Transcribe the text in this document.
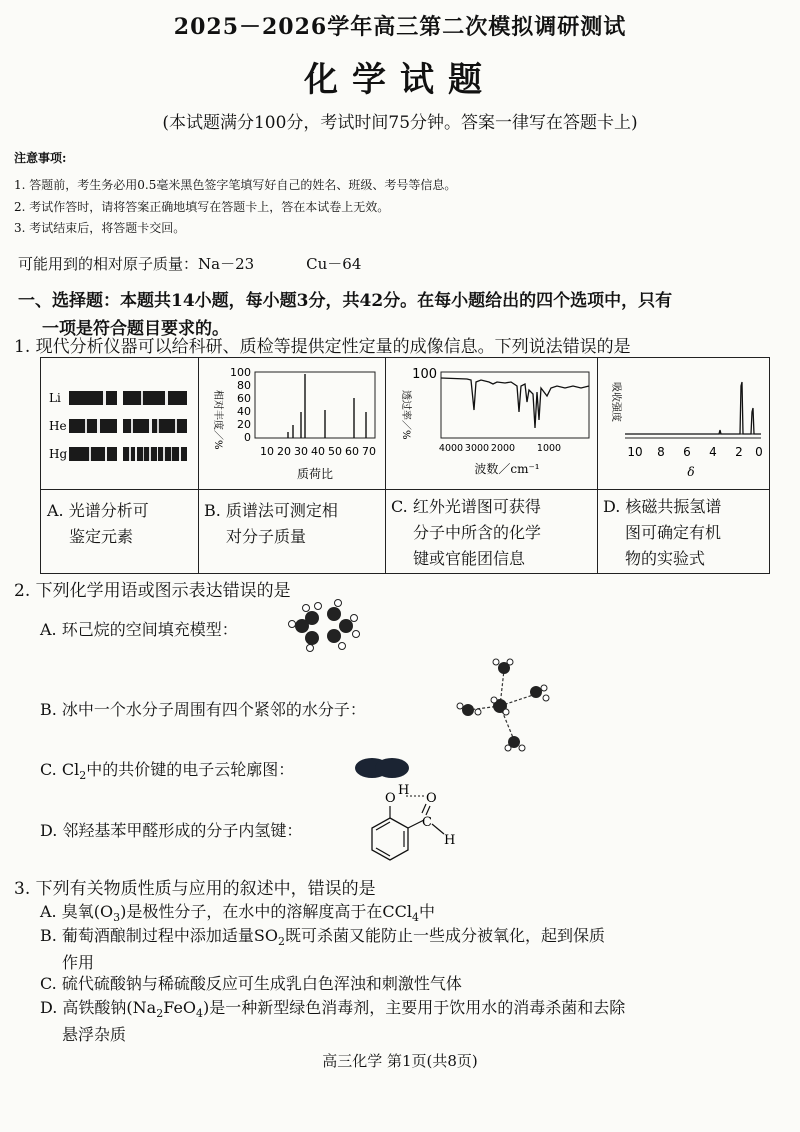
2025－2026学年高三第二次模拟调研测试
化学试题
(本试题满分100分，考试时间75分钟。答案一律写在答题卡上)
注意事项:
1. 答题前，考生务必用0.5毫米黑色签字笔填写好自己的姓名、班级、考号等信息。
2. 考试作答时，请将答案正确地填写在答题卡上，答在本试卷上无效。
3. 考试结束后，将答题卡交回。
可能用到的相对原子质量：Na－23	Cu－64
一、选择题：本题共14小题，每小题3分，共42分。在每小题给出的四个选项中，只有
一项是符合题目要求的。
1. 现代分析仪器可以给科研、质检等提供定性定量的成像信息。下列说法错误的是
Li
He
Hg
相对丰度／%
100
80
60
40
20
0
10 20 30 40 50 60 70
质荷比
透过率／%
100
4000 3000 2000 1000
波数／cm⁻¹
吸收强度
10 8 6 4 2 0
δ
A. 光谱分析可
鉴定元素
B. 质谱法可测定相
对分子质量
C. 红外光谱图可获得
分子中所含的化学
键或官能团信息
D. 核磁共振氢谱
图可确定有机
物的实验式
2. 下列化学用语或图示表达错误的是
A. 环己烷的空间填充模型：
B. 冰中一个水分子周围有四个紧邻的水分子：
C. $Cl_2$中的共价键的电子云轮廓图：
D. 邻羟基苯甲醛形成的分子内氢键：
O
H
O
C
H
3. 下列有关物质性质与应用的叙述中，错误的是
A. 臭氧$(O_3)$是极性分子，在水中的溶解度高于在CCl$_4$中
B. 葡萄酒酿制过程中添加适量$SO_2$既可杀菌又能防止一些成分被氧化，起到保质
作用
C. 硫代硫酸钠与稀硫酸反应可生成乳白色浑浊和刺激性气体
D. 高铁酸钠$(Na_2FeO_4)$是一种新型绿色消毒剂，主要用于饮用水的消毒杀菌和去除
悬浮杂质
高三化学 第1页(共8页)
